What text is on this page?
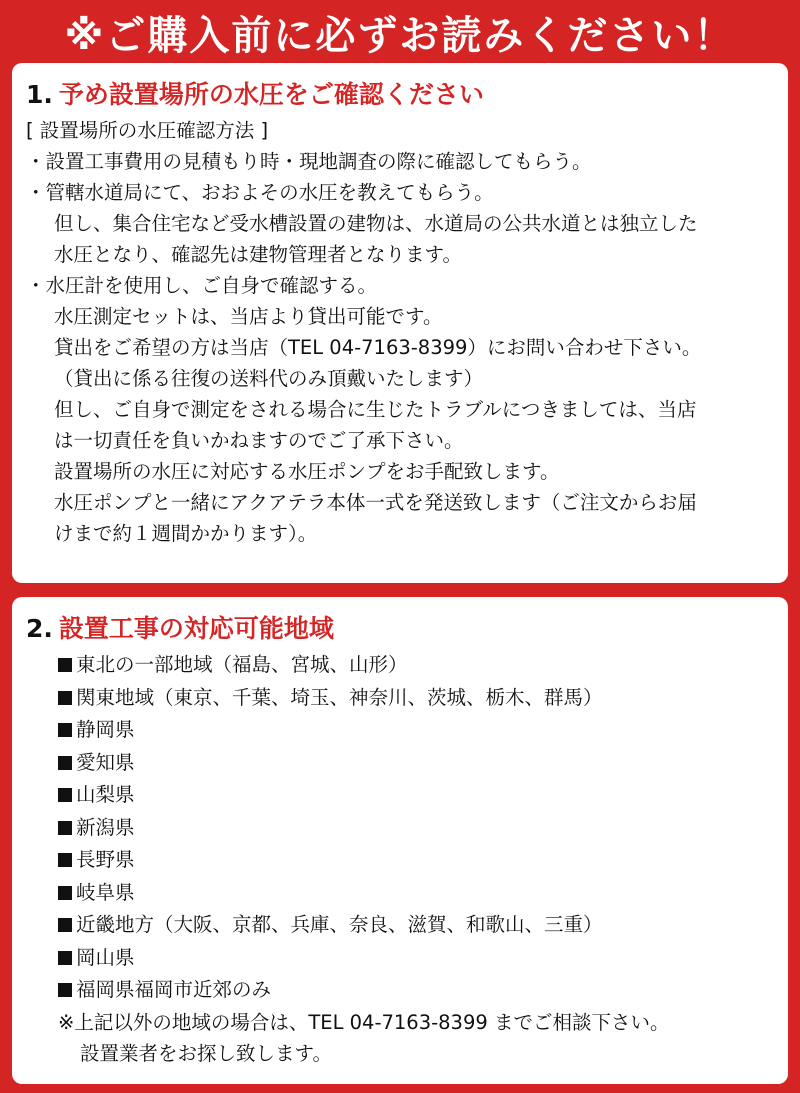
※ご購入前に必ずお読みください！
1. 予め設置場所の水圧をご確認ください
[ 設置場所の水圧確認方法 ]
・設置工事費用の見積もり時・現地調査の際に確認してもらう。
・管轄水道局にて、おおよその水圧を教えてもらう。
但し、集合住宅など受水槽設置の建物は、水道局の公共水道とは独立した
水圧となり、確認先は建物管理者となります。
・水圧計を使用し、ご自身で確認する。
水圧測定セットは、当店より貸出可能です。
貸出をご希望の方は当店（TEL 04-7163-8399）にお問い合わせ下さい。
（貸出に係る往復の送料代のみ頂戴いたします）
但し、ご自身で測定をされる場合に生じたトラブルにつきましては、当店
は一切責任を負いかねますのでご了承下さい。
設置場所の水圧に対応する水圧ポンプをお手配致します。
水圧ポンプと一緒にアクアテラ本体一式を発送致します（ご注文からお届
けまで約１週間かかります）。
2. 設置工事の対応可能地域
東北の一部地域（福島、宮城、山形）
関東地域（東京、千葉、埼玉、神奈川、茨城、栃木、群馬）
静岡県
愛知県
山梨県
新潟県
長野県
岐阜県
近畿地方（大阪、京都、兵庫、奈良、滋賀、和歌山、三重）
岡山県
福岡県福岡市近郊のみ
※上記以外の地域の場合は、TEL 04-7163-8399 までご相談下さい。
設置業者をお探し致します。
